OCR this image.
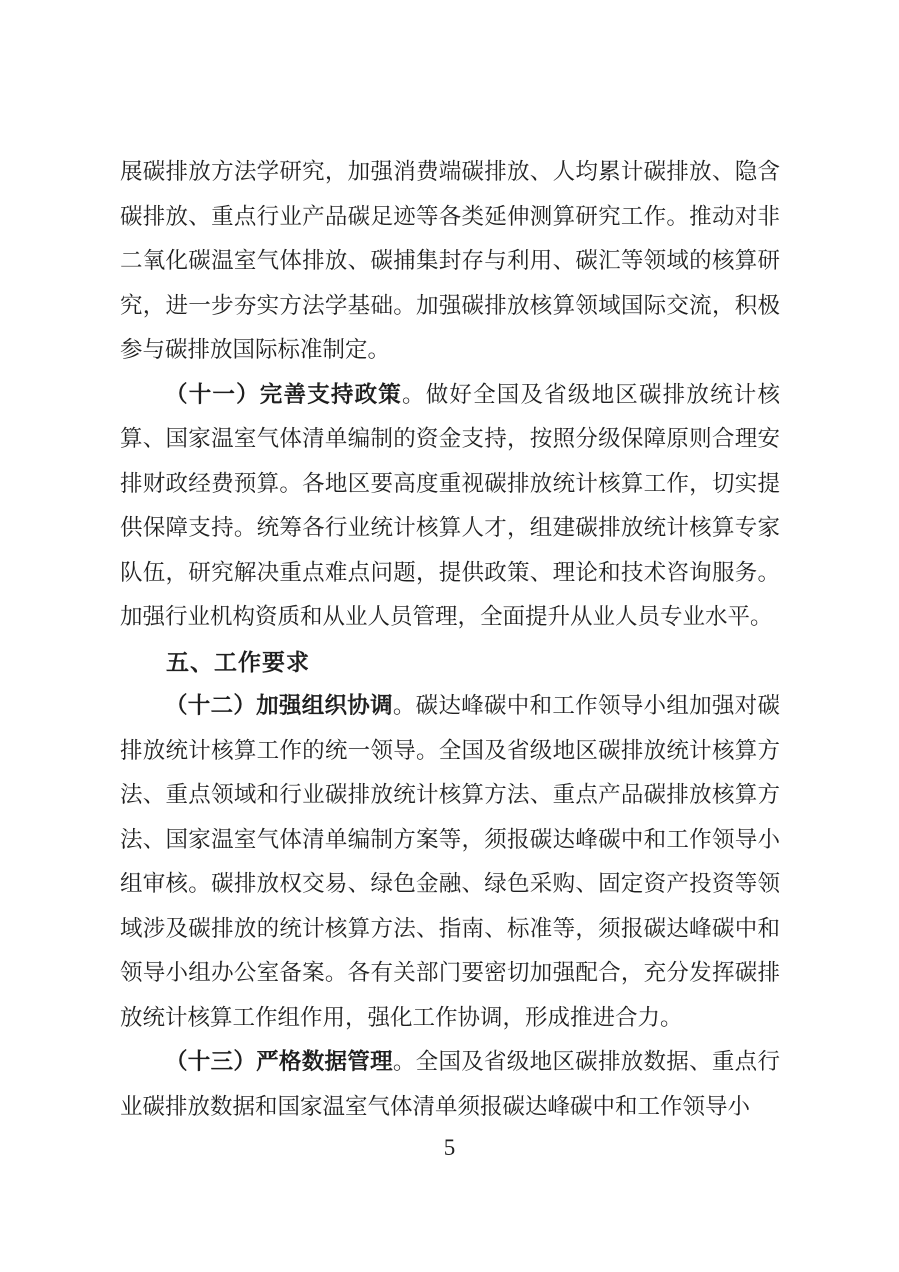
展碳排放方法学研究，加强消费端碳排放、人均累计碳排放、隐含碳排放、重点行业产品碳足迹等各类延伸测算研究工作。推动对非二氧化碳温室气体排放、碳捕集封存与利用、碳汇等领域的核算研究，进一步夯实方法学基础。加强碳排放核算领域国际交流，积极参与碳排放国际标准制定。

（十一）完善支持政策。做好全国及省级地区碳排放统计核算、国家温室气体清单编制的资金支持，按照分级保障原则合理安排财政经费预算。各地区要高度重视碳排放统计核算工作，切实提供保障支持。统筹各行业统计核算人才，组建碳排放统计核算专家队伍，研究解决重点难点问题，提供政策、理论和技术咨询服务。加强行业机构资质和从业人员管理，全面提升从业人员专业水平。

五、工作要求

（十二）加强组织协调。碳达峰碳中和工作领导小组加强对碳排放统计核算工作的统一领导。全国及省级地区碳排放统计核算方法、重点领域和行业碳排放统计核算方法、重点产品碳排放核算方法、国家温室气体清单编制方案等，须报碳达峰碳中和工作领导小组审核。碳排放权交易、绿色金融、绿色采购、固定资产投资等领域涉及碳排放的统计核算方法、指南、标准等，须报碳达峰碳中和领导小组办公室备案。各有关部门要密切加强配合，充分发挥碳排放统计核算工作组作用，强化工作协调，形成推进合力。

（十三）严格数据管理。全国及省级地区碳排放数据、重点行业碳排放数据和国家温室气体清单须报碳达峰碳中和工作领导小

5
